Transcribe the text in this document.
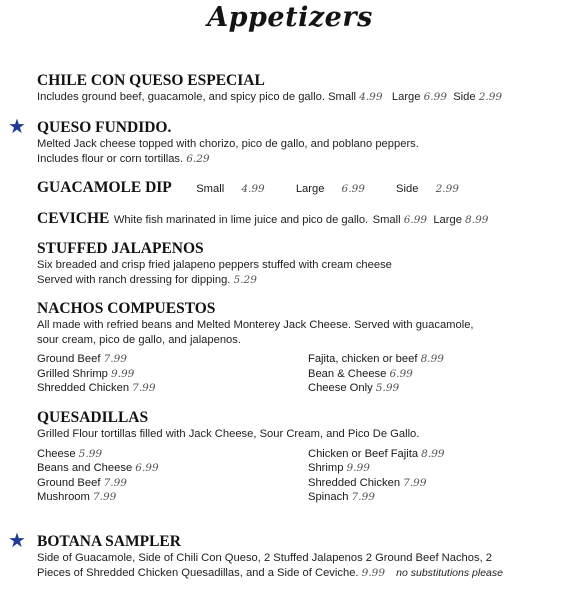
Appetizers
CHILE CON QUESO ESPECIAL
Includes ground beef, guacamole, and spicy pico de gallo. Small 4.99 Large 6.99 Side 2.99
★ QUESO FUNDIDO.
Melted Jack cheese topped with chorizo, pico de gallo, and poblano peppers.
Includes flour or corn tortillas. 6.29
GUACAMOLE DIP Small 4.99	Large 6.99	Side 2.99
CEVICHE White fish marinated in lime juice and pico de gallo. Small 6.99 Large 8.99
STUFFED JALAPENOS
Six breaded and crisp fried jalapeno peppers stuffed with cream cheese
Served with ranch dressing for dipping. 5.29
NACHOS COMPUESTOS
All made with refried beans and Melted Monterey Jack Cheese. Served with guacamole,
sour cream, pico de gallo, and jalapenos.
Ground Beef 7.99
Grilled Shrimp 9.99
Shredded Chicken 7.99
Fajita, chicken or beef 8.99
Bean & Cheese 6.99
Cheese Only 5.99
QUESADILLAS
Grilled Flour tortillas filled with Jack Cheese, Sour Cream, and Pico De Gallo.
Cheese 5.99
Beans and Cheese 6.99
Ground Beef 7.99
Mushroom 7.99
Chicken or Beef Fajita 8.99
Shrimp 9.99
Shredded Chicken 7.99
Spinach 7.99
★ BOTANA SAMPLER
Side of Guacamole, Side of Chili Con Queso, 2 Stuffed Jalapenos 2 Ground Beef Nachos, 2
Pieces of Shredded Chicken Quesadillas, and a Side of Ceviche. 9.99 no substitutions please
